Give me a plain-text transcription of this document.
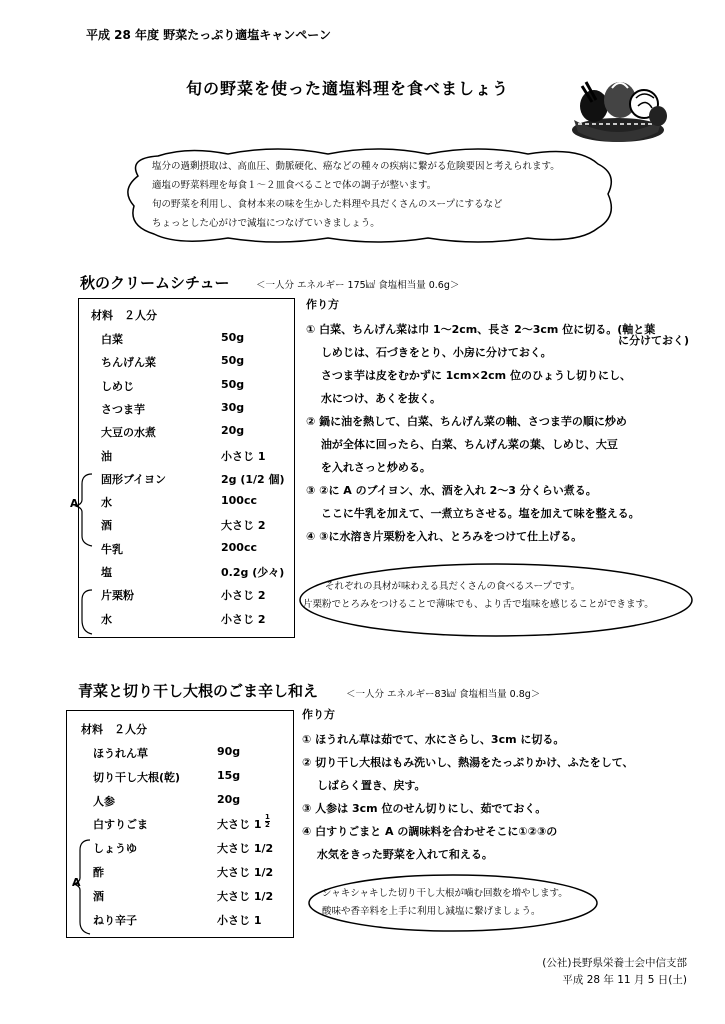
平成 28 年度 野菜たっぷり適塩キャンペーン
旬の野菜を使った適塩料理を食べましょう
塩分の過剰摂取は、高血圧、動脈硬化、癌などの種々の疾病に繋がる危険要因と考えられます。
適塩の野菜料理を毎食１～２皿食べることで体の調子が整います。
旬の野菜を利用し、食材本来の味を生かした料理や具だくさんのスープにするなど
ちょっとした心がけで減塩につなげていきましょう。
秋のクリームシチュー	＜一人分 エネルギー 175㎉ 食塩相当量 0.6g＞
材料　２人分
白菜	50g
ちんげん菜	50g
しめじ	50g
さつま芋	30g
大豆の水煮	20g
油	小さじ 1
固形ブイヨン	2g (1/2 個)
水	100cc
酒	大さじ 2
牛乳	200cc
塩	0.2g (少々)
片栗粉	小さじ 2
水	小さじ 2
A
作り方
① 白菜、ちんげん菜は巾 1～2cm、長さ 2～3cm 位に切る。(軸と葉
　 しめじは、石づきをとり、小房に分けておく。
　 さつま芋は皮をむかずに 1cm×2cm 位のひょうし切りにし、
　 水につけ、あくを抜く。
② 鍋に油を熱して、白菜、ちんげん菜の軸、さつま芋の順に炒め
　 油が全体に回ったら、白菜、ちんげん菜の葉、しめじ、大豆
　 を入れさっと炒める。
③ ②に A のブイヨン、水、酒を入れ 2～3 分くらい煮る。
　 ここに牛乳を加えて、一煮立ちさせる。塩を加えて味を整える。
④ ③に水溶き片栗粉を入れ、とろみをつけて仕上げる。
に分けておく)
それぞれの具材が味わえる具だくさんの食べるスープです。
片栗粉でとろみをつけることで薄味でも、より舌で塩味を感じることができます。
青菜と切り干し大根のごま辛し和え	＜一人分 エネルギー83㎉ 食塩相当量 0.8g＞
材料　２人分
ほうれん草	90g
切り干し大根(乾)	15g
人参	20g
白すりごま	大さじ $1 \frac{1}{2}$
しょうゆ	大さじ 1/2
酢	大さじ 1/2
酒	大さじ 1/2
ねり辛子	小さじ 1
A
作り方
① ほうれん草は茹でて、水にさらし、3cm に切る。
② 切り干し大根はもみ洗いし、熱湯をたっぷりかけ、ふたをして、
　 しばらく置き、戻す。
③ 人参は 3cm 位のせん切りにし、茹でておく。
④ 白すりごまと A の調味料を合わせそこに①②③の
　 水気をきった野菜を入れて和える。
シャキシャキした切り干し大根が噛む回数を増やします。
酸味や香辛料を上手に利用し減塩に繋げましょう。
(公社)長野県栄養士会中信支部
平成 28 年 11 月 5 日(土)
